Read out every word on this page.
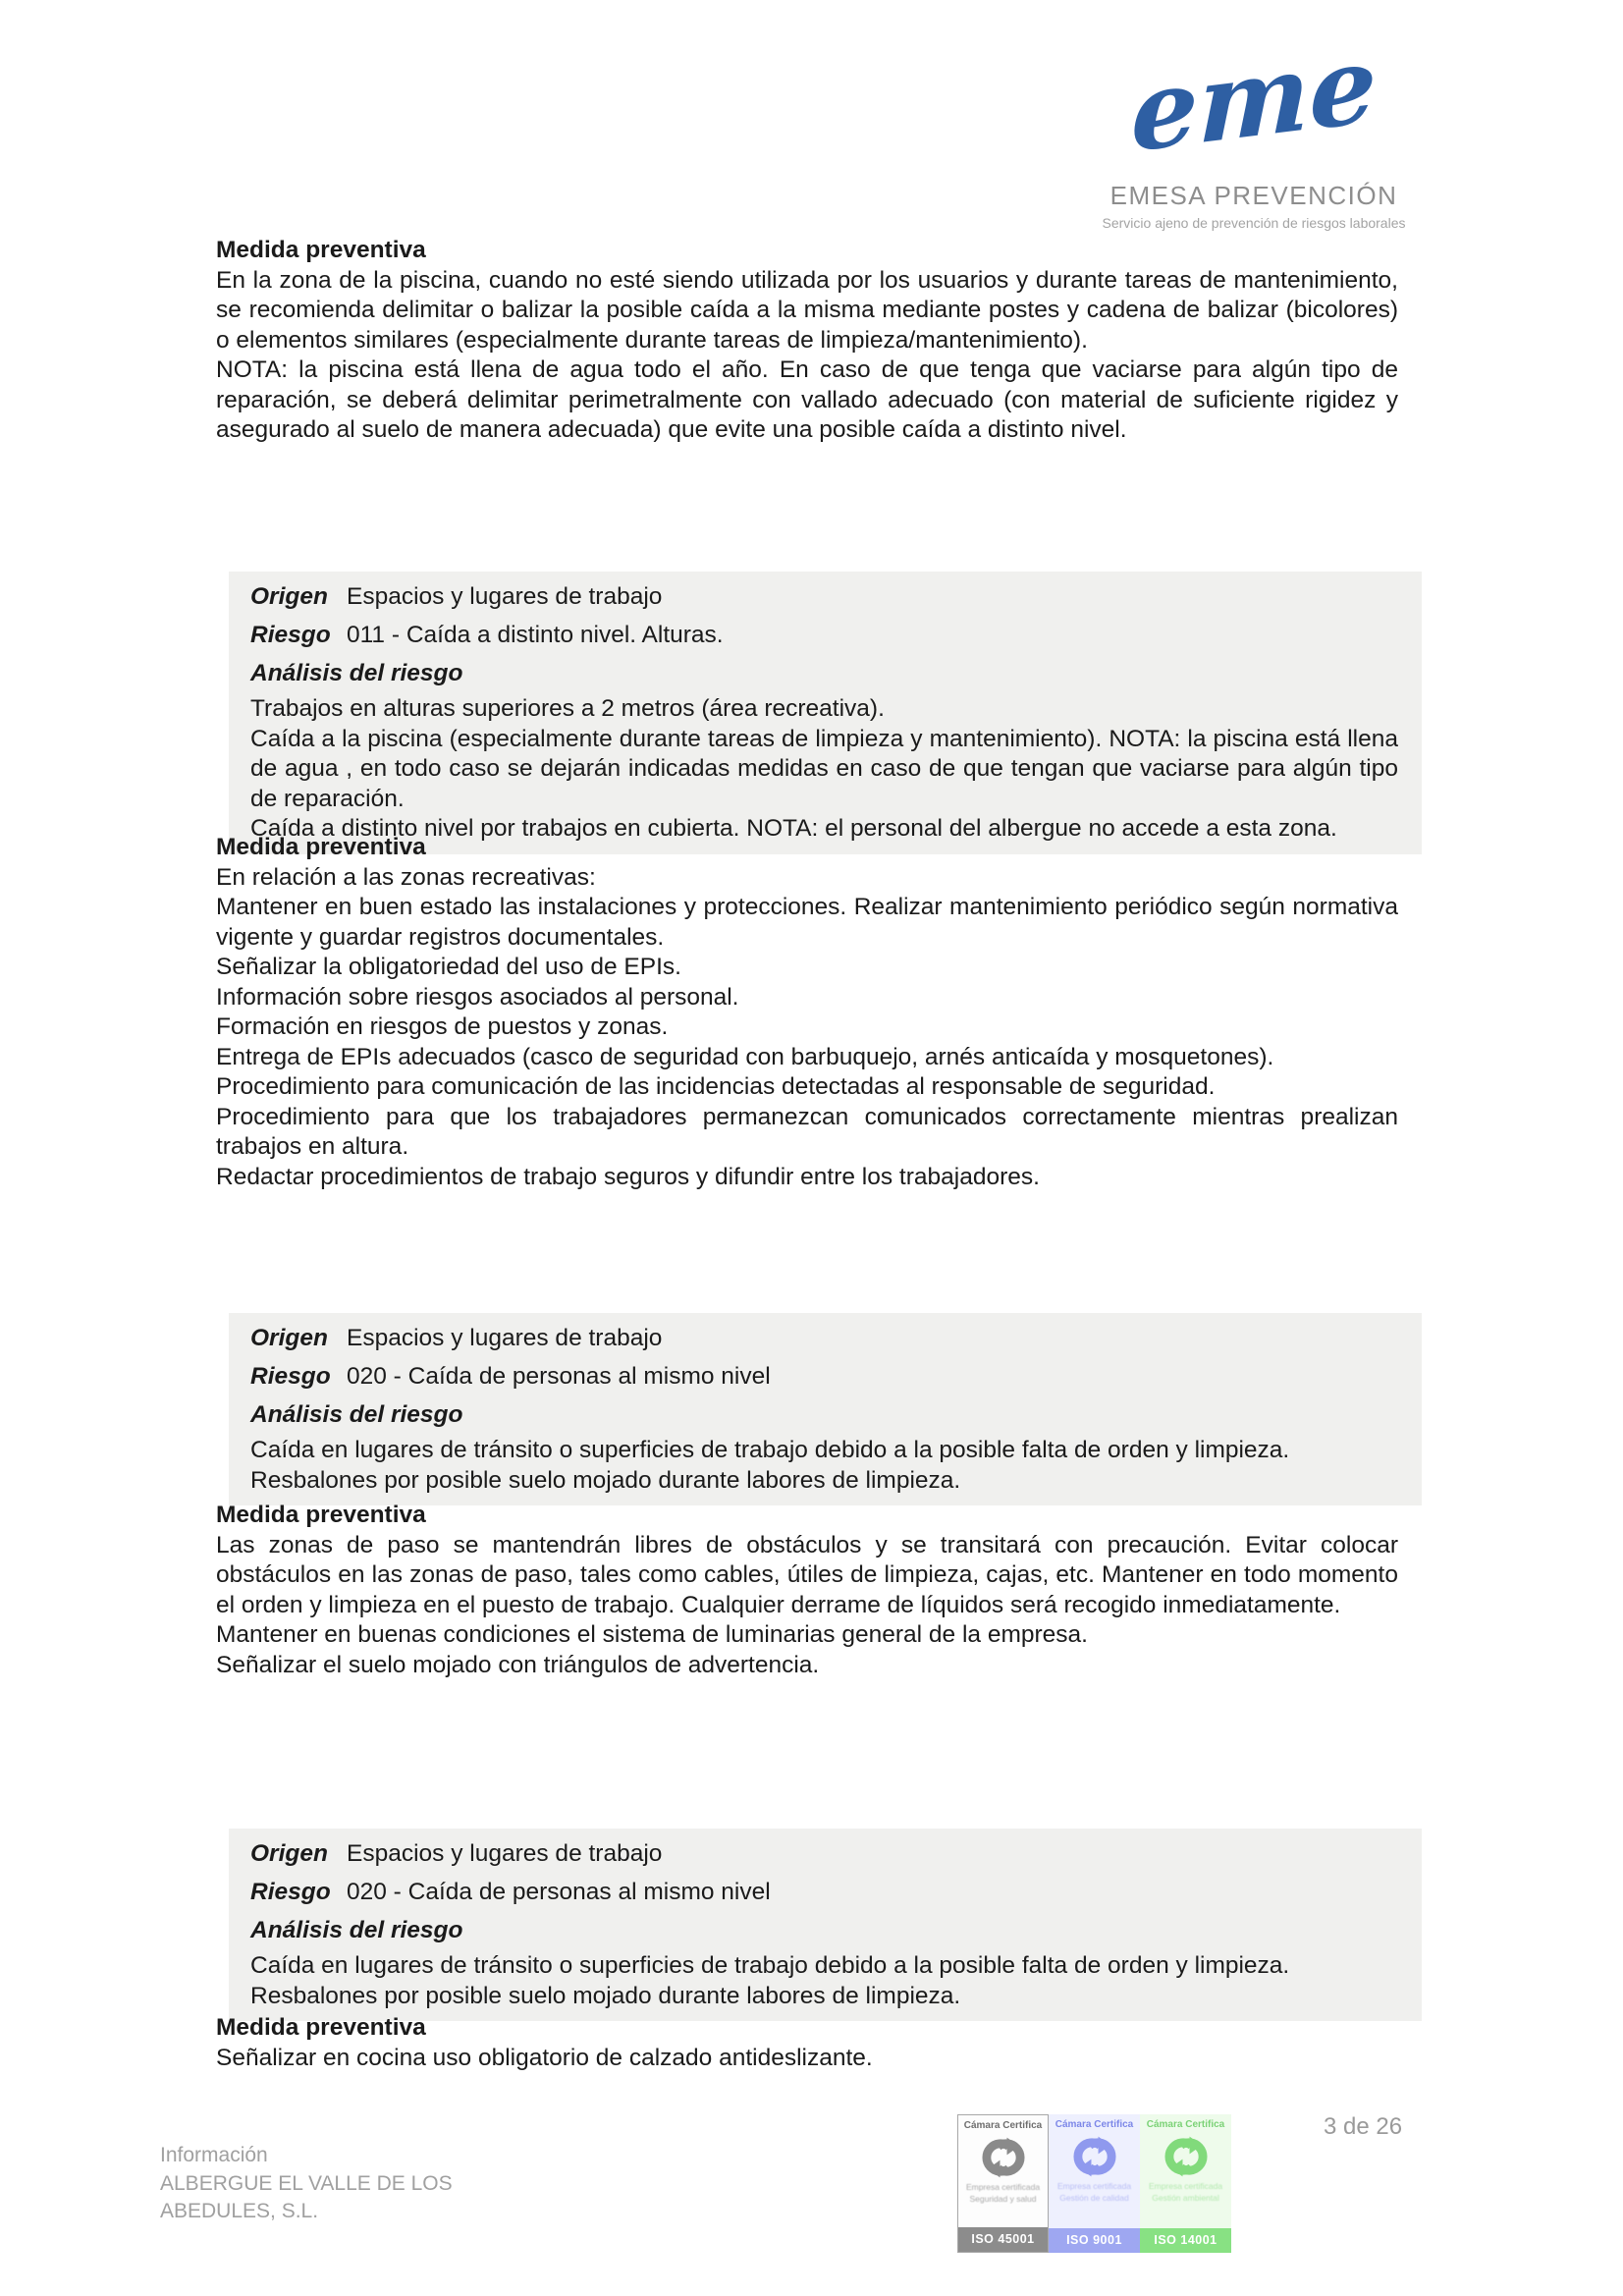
eme
EMESA PREVENCIÓN
Servicio ajeno de prevención de riesgos laborales
Medida preventiva

En la zona de la piscina, cuando no esté siendo utilizada por los usuarios y durante tareas de mantenimiento, se recomienda delimitar o balizar la posible caída a la misma mediante postes y cadena de balizar (bicolores) o elementos similares (especialmente durante tareas de limpieza/mantenimiento).

NOTA: la piscina está llena de agua todo el año. En caso de que tenga que vaciarse para algún tipo de reparación, se deberá delimitar perimetralmente con vallado adecuado (con material de suficiente rigidez y asegurado al suelo de manera adecuada) que evite una posible caída a distinto nivel.

Origen Espacios y lugares de trabajo
Riesgo 011 - Caída a distinto nivel. Alturas.
Análisis del riesgo

Trabajos en alturas superiores a 2 metros (área recreativa).

Caída a la piscina (especialmente durante tareas de limpieza y mantenimiento). NOTA: la piscina está llena de agua , en todo caso se dejarán indicadas medidas en caso de que tengan que vaciarse para algún tipo de reparación.

Caída a distinto nivel por trabajos en cubierta. NOTA: el personal del albergue no accede a esta zona.

Medida preventiva

En relación a las zonas recreativas:

Mantener en buen estado las instalaciones y protecciones. Realizar mantenimiento periódico según normativa vigente y guardar registros documentales.

Señalizar la obligatoriedad del uso de EPIs.

Información sobre riesgos asociados al personal.

Formación en riesgos de puestos y zonas.

Entrega de EPIs adecuados (casco de seguridad con barbuquejo, arnés anticaída y mosquetones).

Procedimiento para comunicación de las incidencias detectadas al responsable de seguridad.

Procedimiento para que los trabajadores permanezcan comunicados correctamente mientras prealizan trabajos en altura.

Redactar procedimientos de trabajo seguros y difundir entre los trabajadores.

Origen Espacios y lugares de trabajo
Riesgo 020 - Caída de personas al mismo nivel
Análisis del riesgo

Caída en lugares de tránsito o superficies de trabajo debido a la posible falta de orden y limpieza.

Resbalones por posible suelo mojado durante labores de limpieza.

Medida preventiva

Las zonas de paso se mantendrán libres de obstáculos y se transitará con precaución. Evitar colocar obstáculos en las zonas de paso, tales como cables, útiles de limpieza, cajas, etc. Mantener en todo momento el orden y limpieza en el puesto de trabajo. Cualquier derrame de líquidos será recogido inmediatamente.

Mantener en buenas condiciones el sistema de luminarias general de la empresa.

Señalizar el suelo mojado con triángulos de advertencia.

Origen Espacios y lugares de trabajo
Riesgo 020 - Caída de personas al mismo nivel
Análisis del riesgo

Caída en lugares de tránsito o superficies de trabajo debido a la posible falta de orden y limpieza.

Resbalones por posible suelo mojado durante labores de limpieza.

Medida preventiva

Señalizar en cocina uso obligatorio de calzado antideslizante.

Cámara Certifica
Empresa certificada
Seguridad y salud
ISO 45001
Cámara Certifica
Empresa certificada
Gestión de calidad
ISO 9001
Cámara Certifica
Empresa certificada
Gestión ambiental
ISO 14001
3 de 26
Información
ALBERGUE EL VALLE DE LOS ABEDULES, S.L.
